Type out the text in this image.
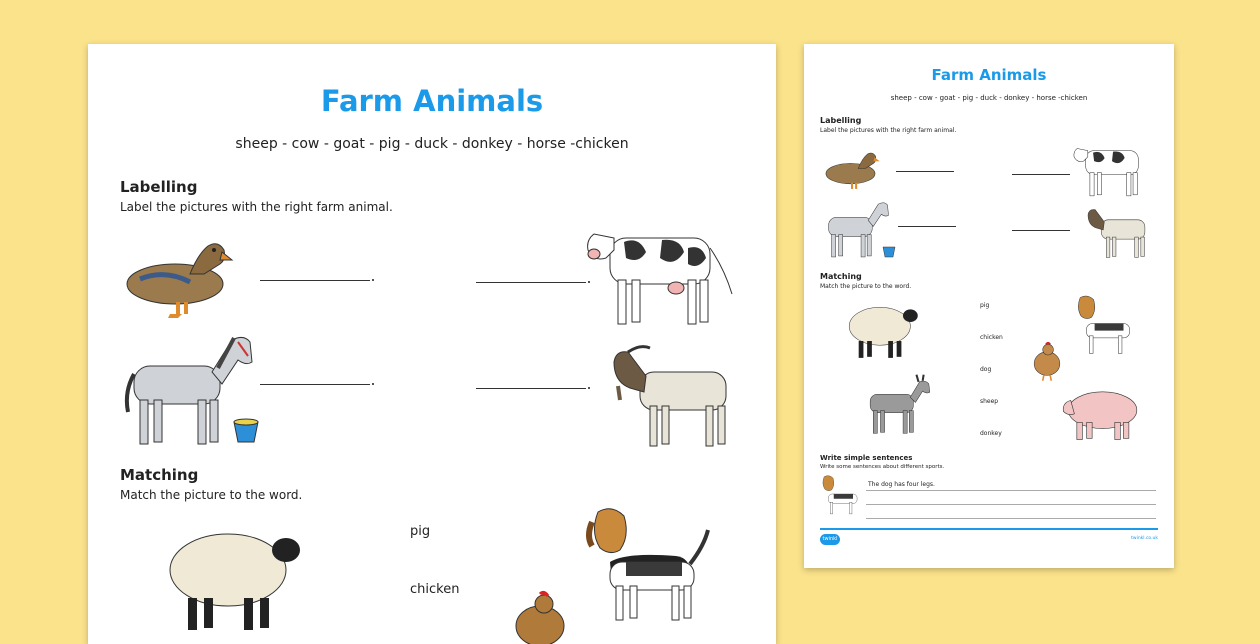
Farm Animals
sheep - cow - goat - pig - duck - donkey - horse -chicken
Labelling
Label the pictures with the right farm animal.
Matching
Match the picture to the word.
pig
chicken
Farm Animals
sheep - cow - goat - pig - duck - donkey - horse -chicken
Labelling
Label the pictures with the right farm animal.
Matching
Match the picture to the word.
pig
chicken
dog
sheep
donkey
Write simple sentences
Write some sentences about different sports.
The dog has four legs.
twinkl	twinkl.co.uk
